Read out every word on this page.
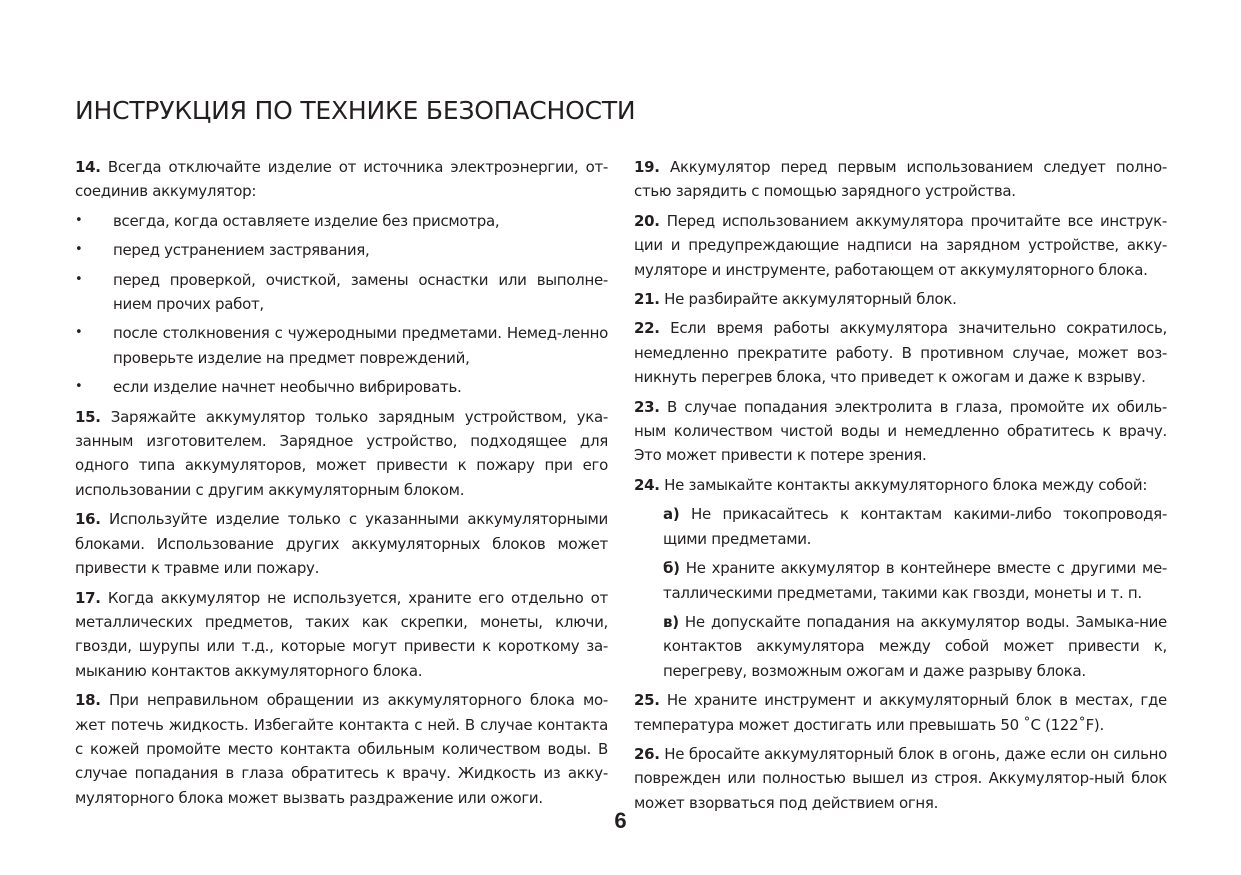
ИНСТРУКЦИЯ ПО ТЕХНИКЕ БЕЗОПАСНОСТИ

14. Всегда отключайте изделие от источника электроэнергии, от-соединив аккумулятор:

• всегда, когда оставляете изделие без присмотра,
• перед устранением застрявания,
• перед проверкой, очисткой, замены оснастки или выполне-нием прочих работ,
• после столкновения с чужеродными предметами. Немед-ленно проверьте изделие на предмет повреждений,
• если изделие начнет необычно вибрировать.

15. Заряжайте аккумулятор только зарядным устройством, ука-занным изготовителем. Зарядное устройство, подходящее для одного типа аккумуляторов, может привести к пожару при его использовании с другим аккумуляторным блоком.

16. Используйте изделие только с указанными аккумуляторными блоками. Использование других аккумуляторных блоков может привести к травме или пожару.

17. Когда аккумулятор не используется, храните его отдельно от металлических предметов, таких как скрепки, монеты, ключи, гвозди, шурупы или т.д., которые могут привести к короткому за-мыканию контактов аккумуляторного блока.

18. При неправильном обращении из аккумуляторного блока мо-жет потечь жидкость. Избегайте контакта с ней. В случае контакта с кожей промойте место контакта обильным количеством воды. В случае попадания в глаза обратитесь к врачу. Жидкость из акку-муляторного блока может вызвать раздражение или ожоги.

19. Аккумулятор перед первым использованием следует полно-стью зарядить с помощью зарядного устройства.

20. Перед использованием аккумулятора прочитайте все инструк-ции и предупреждающие надписи на зарядном устройстве, акку-муляторе и инструменте, работающем от аккумуляторного блока.

21. Не разбирайте аккумуляторный блок.

22. Если время работы аккумулятора значительно сократилось, немедленно прекратите работу. В противном случае, может воз-никнуть перегрев блока, что приведет к ожогам и даже к взрыву.

23. В случае попадания электролита в глаза, промойте их обиль-ным количеством чистой воды и немедленно обратитесь к врачу. Это может привести к потере зрения.

24. Не замыкайте контакты аккумуляторного блока между собой:

а) Не прикасайтесь к контактам какими-либо токопроводя-щими предметами.

б) Не храните аккумулятор в контейнере вместе с другими ме-таллическими предметами, такими как гвозди, монеты и т. п.

в) Не допускайте попадания на аккумулятор воды. Замыка-ние контактов аккумулятора между собой может привести к, перегреву, возможным ожогам и даже разрыву блока.

25. Не храните инструмент и аккумуляторный блок в местах, где температура может достигать или превышать 50 ˚C (122˚F).

26. Не бросайте аккумуляторный блок в огонь, даже если он сильно поврежден или полностью вышел из строя. Аккумулятор-ный блок может взорваться под действием огня.

6
